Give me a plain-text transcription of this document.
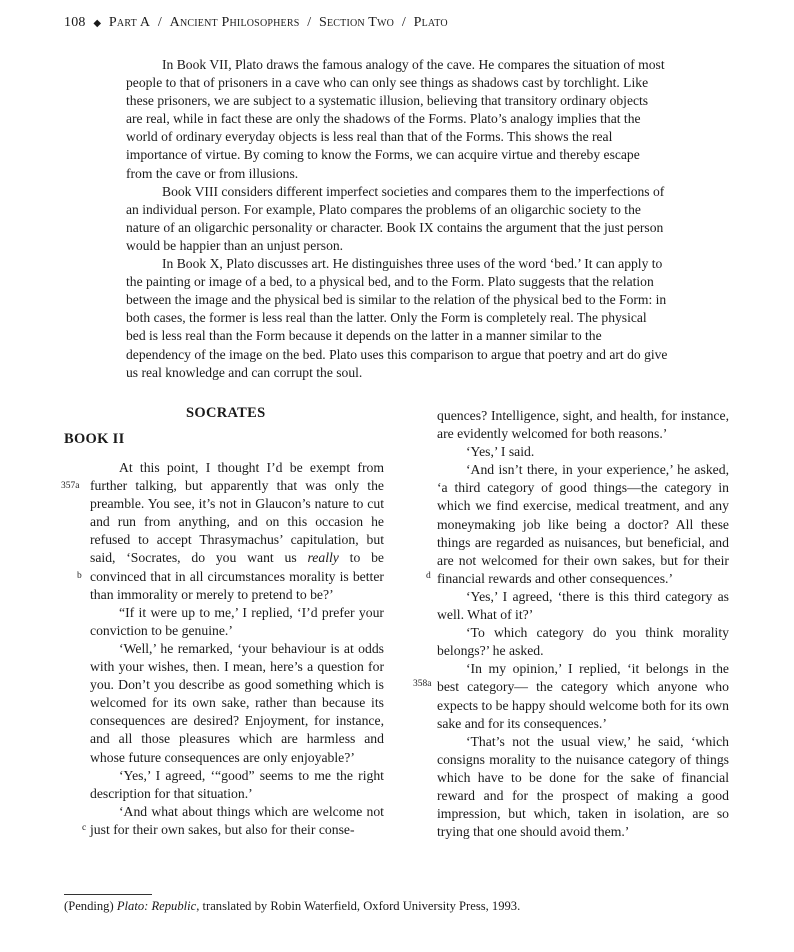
108 ◆ Part A / Ancient Philosophers / Section Two / Plato

In Book VII, Plato draws the famous analogy of the cave. He compares the situation of most people to that of prisoners in a cave who can only see things as shadows cast by torchlight. Like these prisoners, we are subject to a systematic illusion, believing that transitory ordinary objects are real, while in fact these are only the shadows of the Forms. Plato’s analogy implies that the world of ordinary everyday objects is less real than that of the Forms. This shows the real importance of virtue. By coming to know the Forms, we can acquire virtue and thereby escape from the cave or from illusions.

Book VIII considers different imperfect societies and compares them to the imperfections of an individual person. For example, Plato compares the problems of an oligarchic society to the nature of an oligarchic personality or character. Book IX contains the argument that the just person would be happier than an unjust person.

In Book X, Plato discusses art. He distinguishes three uses of the word ‘bed.’ It can apply to the painting or image of a bed, to a physical bed, and to the Form. Plato suggests that the relation between the image and the physical bed is similar to the relation of the physical bed to the Form: in both cases, the former is less real than the latter. Only the Form is completely real. The physical bed is less real than the Form because it depends on the latter in a manner similar to the dependency of the image on the bed. Plato uses this comparison to argue that poetry and art do give us real knowledge and can corrupt the soul.

SOCRATES
BOOK II

At this point, I thought I’d be exempt from further talking, but apparently that was only the preamble. You see, it’s not in Glaucon’s nature to cut and run from anything, and on this occasion he refused to accept Thrasymachus’ capitulation, but said, ‘Socrates, do you want us really to be convinced that in all circumstances morality is better than immorality or merely to pretend to be?’

“If it were up to me,’ I replied, ‘I’d prefer your conviction to be genuine.’

‘Well,’ he remarked, ‘your behaviour is at odds with your wishes, then. I mean, here’s a question for you. Don’t you describe as good something which is welcomed for its own sake, rather than because its consequences are desired? Enjoyment, for instance, and all those pleasures which are harmless and whose future consequences are only enjoyable?’

‘Yes,’ I agreed, ‘“good” seems to me the right description for that situation.’

‘And what about things which are welcome not just for their own sakes, but also for their conse-

quences? Intelligence, sight, and health, for instance, are evidently welcomed for both reasons.’

‘Yes,’ I said.

‘And isn’t there, in your experience,’ he asked, ‘a third category of good things—the category in which we find exercise, medical treatment, and any moneymaking job like being a doctor? All these things are regarded as nuisances, but beneficial, and are not welcomed for their own sakes, but for their financial rewards and other consequences.’

‘Yes,’ I agreed, ‘there is this third category as well. What of it?’

‘To which category do you think morality belongs?’ he asked.

‘In my opinion,’ I replied, ‘it belongs in the best category— the category which anyone who expects to be happy should welcome both for its own sake and for its consequences.’

‘That’s not the usual view,’ he said, ‘which consigns morality to the nuisance category of things which have to be done for the sake of financial reward and for the prospect of making a good impression, but which, taken in isolation, are so trying that one should avoid them.’

357a
b
c
d
358a
(Pending) Plato: Republic, translated by Robin Waterfield, Oxford University Press, 1993.
